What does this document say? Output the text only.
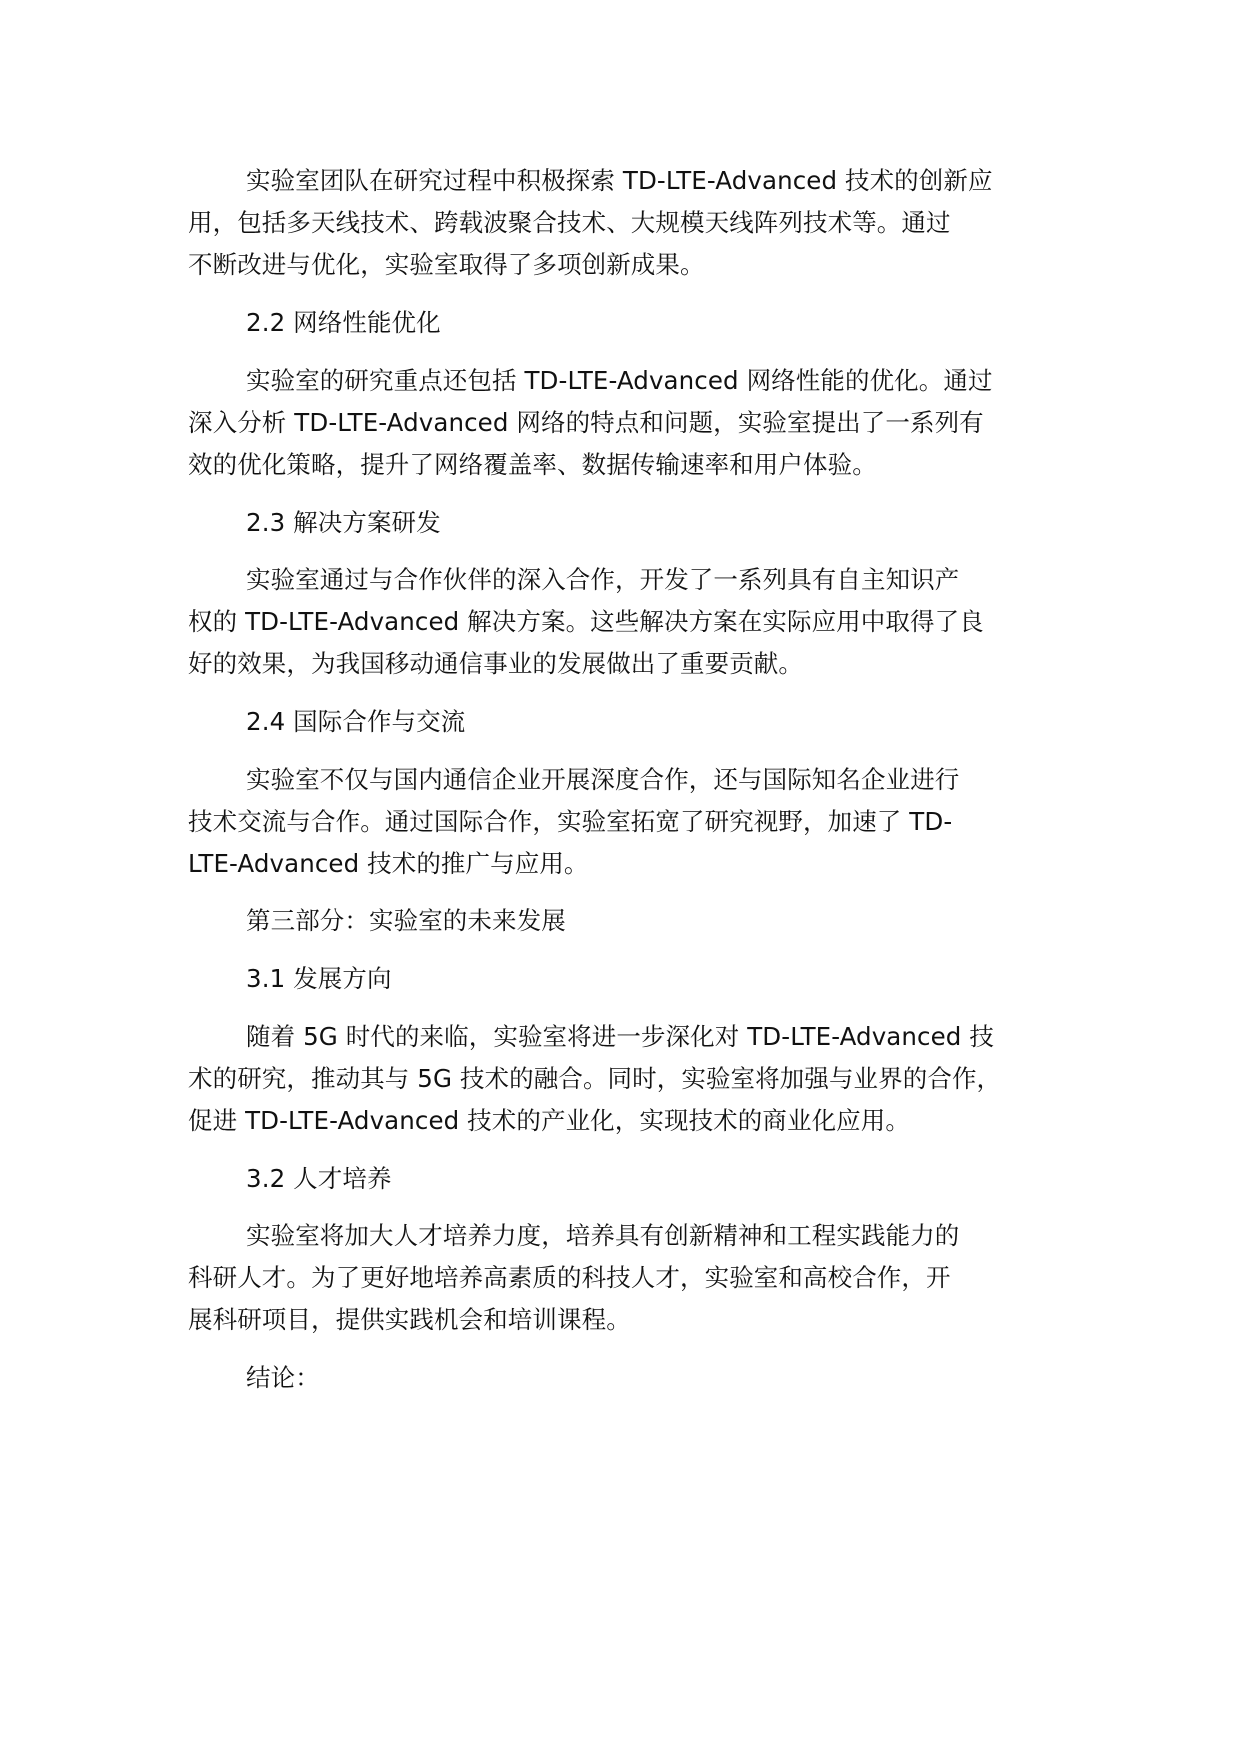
实验室团队在研究过程中积极探索 TD-LTE-Advanced 技术的创新应
用，包括多天线技术、跨载波聚合技术、大规模天线阵列技术等。通过
不断改进与优化，实验室取得了多项创新成果。
2.2 网络性能优化
实验室的研究重点还包括 TD-LTE-Advanced 网络性能的优化。通过
深入分析 TD-LTE-Advanced 网络的特点和问题，实验室提出了一系列有
效的优化策略，提升了网络覆盖率、数据传输速率和用户体验。
2.3 解决方案研发
实验室通过与合作伙伴的深入合作，开发了一系列具有自主知识产
权的 TD-LTE-Advanced 解决方案。这些解决方案在实际应用中取得了良
好的效果，为我国移动通信事业的发展做出了重要贡献。
2.4 国际合作与交流
实验室不仅与国内通信企业开展深度合作，还与国际知名企业进行
技术交流与合作。通过国际合作，实验室拓宽了研究视野，加速了 TD-
LTE-Advanced 技术的推广与应用。
第三部分：实验室的未来发展
3.1 发展方向
随着 5G 时代的来临，实验室将进一步深化对 TD-LTE-Advanced 技
术的研究，推动其与 5G 技术的融合。同时，实验室将加强与业界的合作，
促进 TD-LTE-Advanced 技术的产业化，实现技术的商业化应用。
3.2 人才培养
实验室将加大人才培养力度，培养具有创新精神和工程实践能力的
科研人才。为了更好地培养高素质的科技人才，实验室和高校合作，开
展科研项目，提供实践机会和培训课程。
结论：
